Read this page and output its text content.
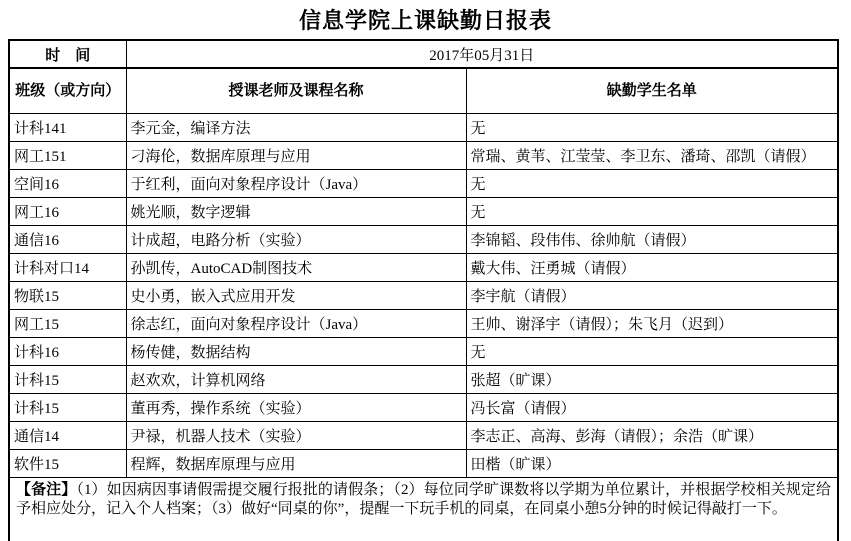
信息学院上课缺勤日报表
时　间	2017年05月31日	
班级（或方向）	授课老师及课程名称	缺勤学生名单
计科141	李元金，编译方法	无
网工151	刁海伦，数据库原理与应用	常瑞、黄苇、江莹莹、李卫东、潘琦、邵凯（请假）
空间16	于红利，面向对象程序设计（Java）	无
网工16	姚光顺，数字逻辑	无
通信16	计成超，电路分析（实验）	李锦韬、段伟伟、徐帅航（请假）
计科对口14	孙凯传，AutoCAD制图技术	戴大伟、汪勇城（请假）
物联15	史小勇，嵌入式应用开发	李宇航（请假）
网工15	徐志红，面向对象程序设计（Java）	王帅、谢泽宇（请假）；朱飞月（迟到）
计科16	杨传健，数据结构	无
计科15	赵欢欢，计算机网络	张超（旷课）
计科15	董再秀，操作系统（实验）	冯长富（请假）
通信14	尹禄，机器人技术（实验）	李志正、高海、彭海（请假）；余浩（旷课）
软件15	程辉，数据库原理与应用	田楷（旷课）
【备注】（1）如因病因事请假需提交履行报批的请假条；（2）每位同学旷课数将以学期为单位累计，并根据学校相关规定给予相应处分，记入个人档案；（3）做好“同桌的你”，提醒一下玩手机的同桌，在同桌小憩5分钟的时候记得敲打一下。		
